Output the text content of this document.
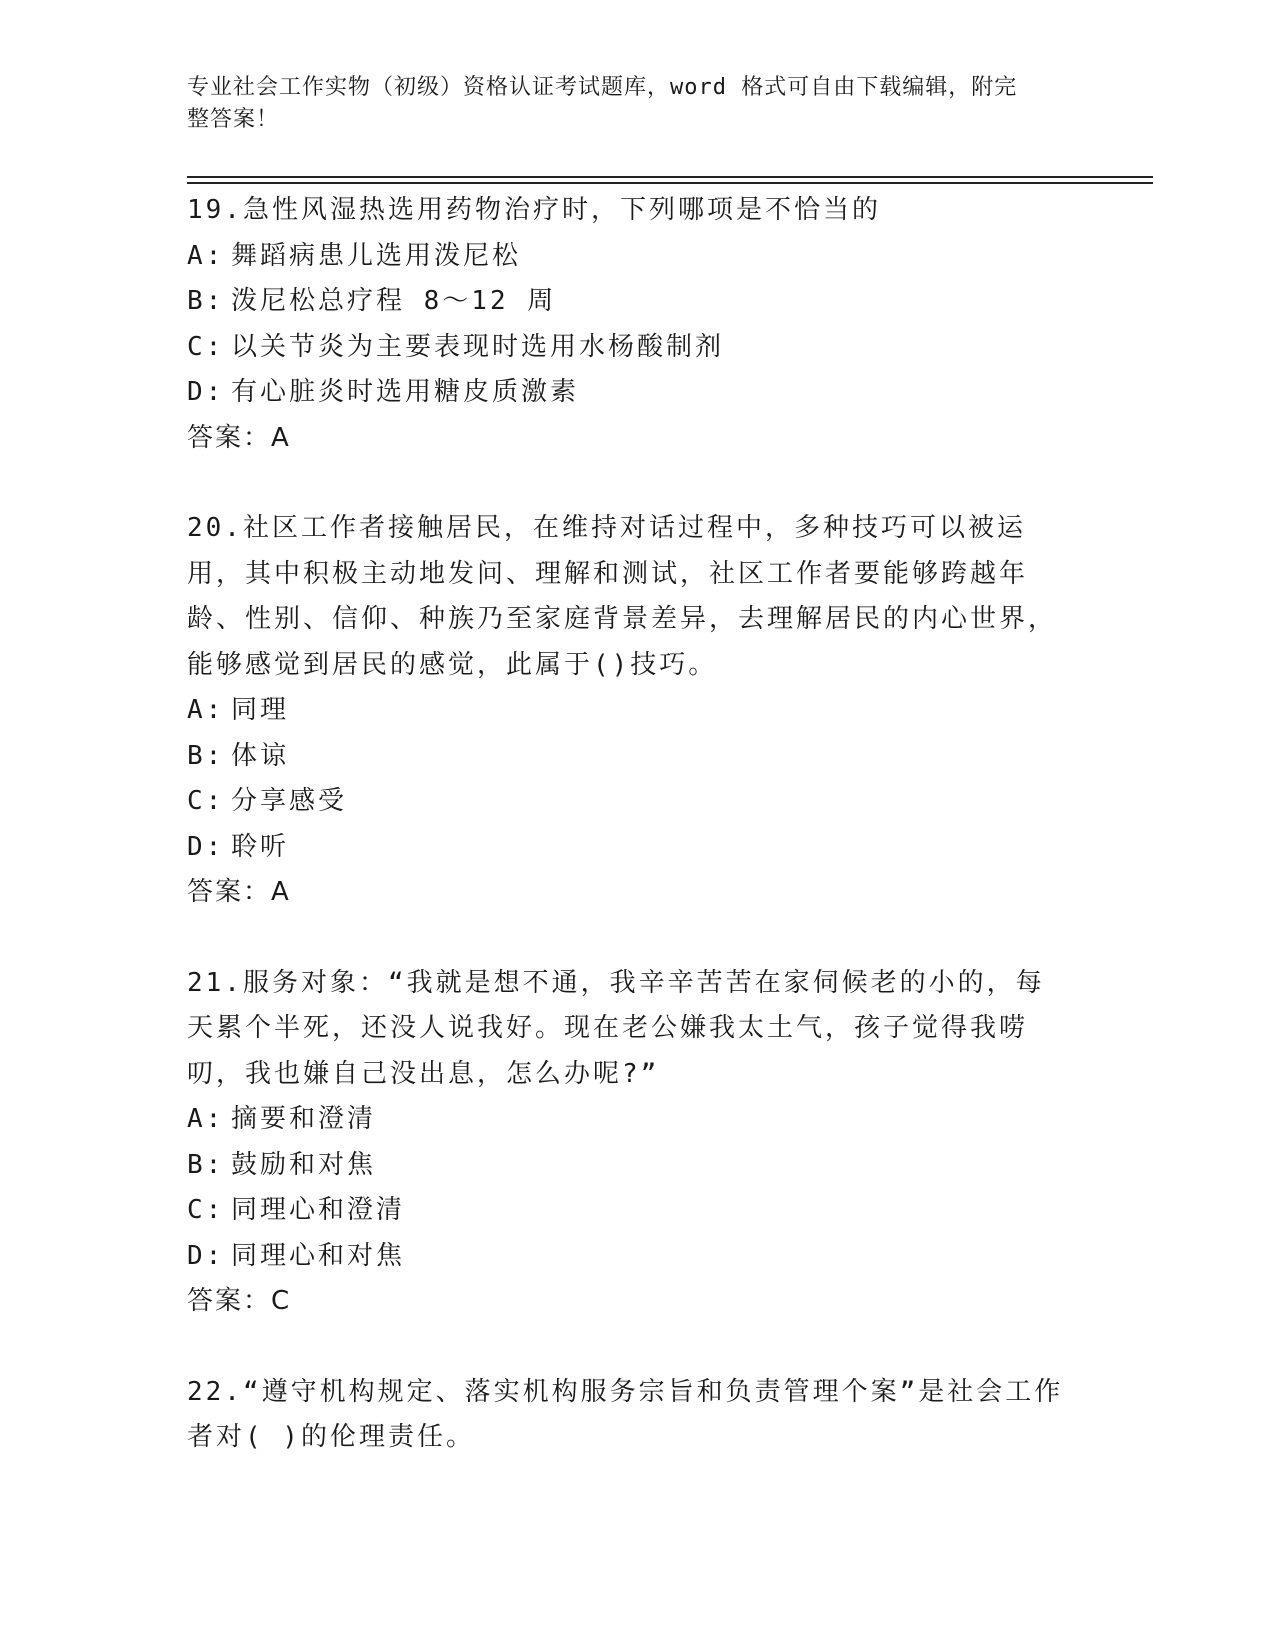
专业社会工作实物（初级）资格认证考试题库，word 格式可自由下载编辑，附完
整答案！
19.急性风湿热选用药物治疗时，下列哪项是不恰当的
A: 舞蹈病患儿选用泼尼松
B: 泼尼松总疗程 8～12 周
C: 以关节炎为主要表现时选用水杨酸制剂
D: 有心脏炎时选用糖皮质激素
答案：A
20.社区工作者接触居民，在维持对话过程中，多种技巧可以被运用，其中积极主动地发问、理解和测试，社区工作者要能够跨越年龄、性别、信仰、种族乃至家庭背景差异，去理解居民的内心世界，能够感觉到居民的感觉，此属于()技巧。
A: 同理
B: 体谅
C: 分享感受
D: 聆听
答案：A
21.服务对象：“我就是想不通，我辛辛苦苦在家伺候老的小的，每天累个半死，还没人说我好。现在老公嫌我太土气，孩子觉得我唠叨，我也嫌自己没出息，怎么办呢?”
A: 摘要和澄清
B: 鼓励和对焦
C: 同理心和澄清
D: 同理心和对焦
答案：C
22.“遵守机构规定、落实机构服务宗旨和负责管理个案”是社会工作者对( )的伦理责任。
